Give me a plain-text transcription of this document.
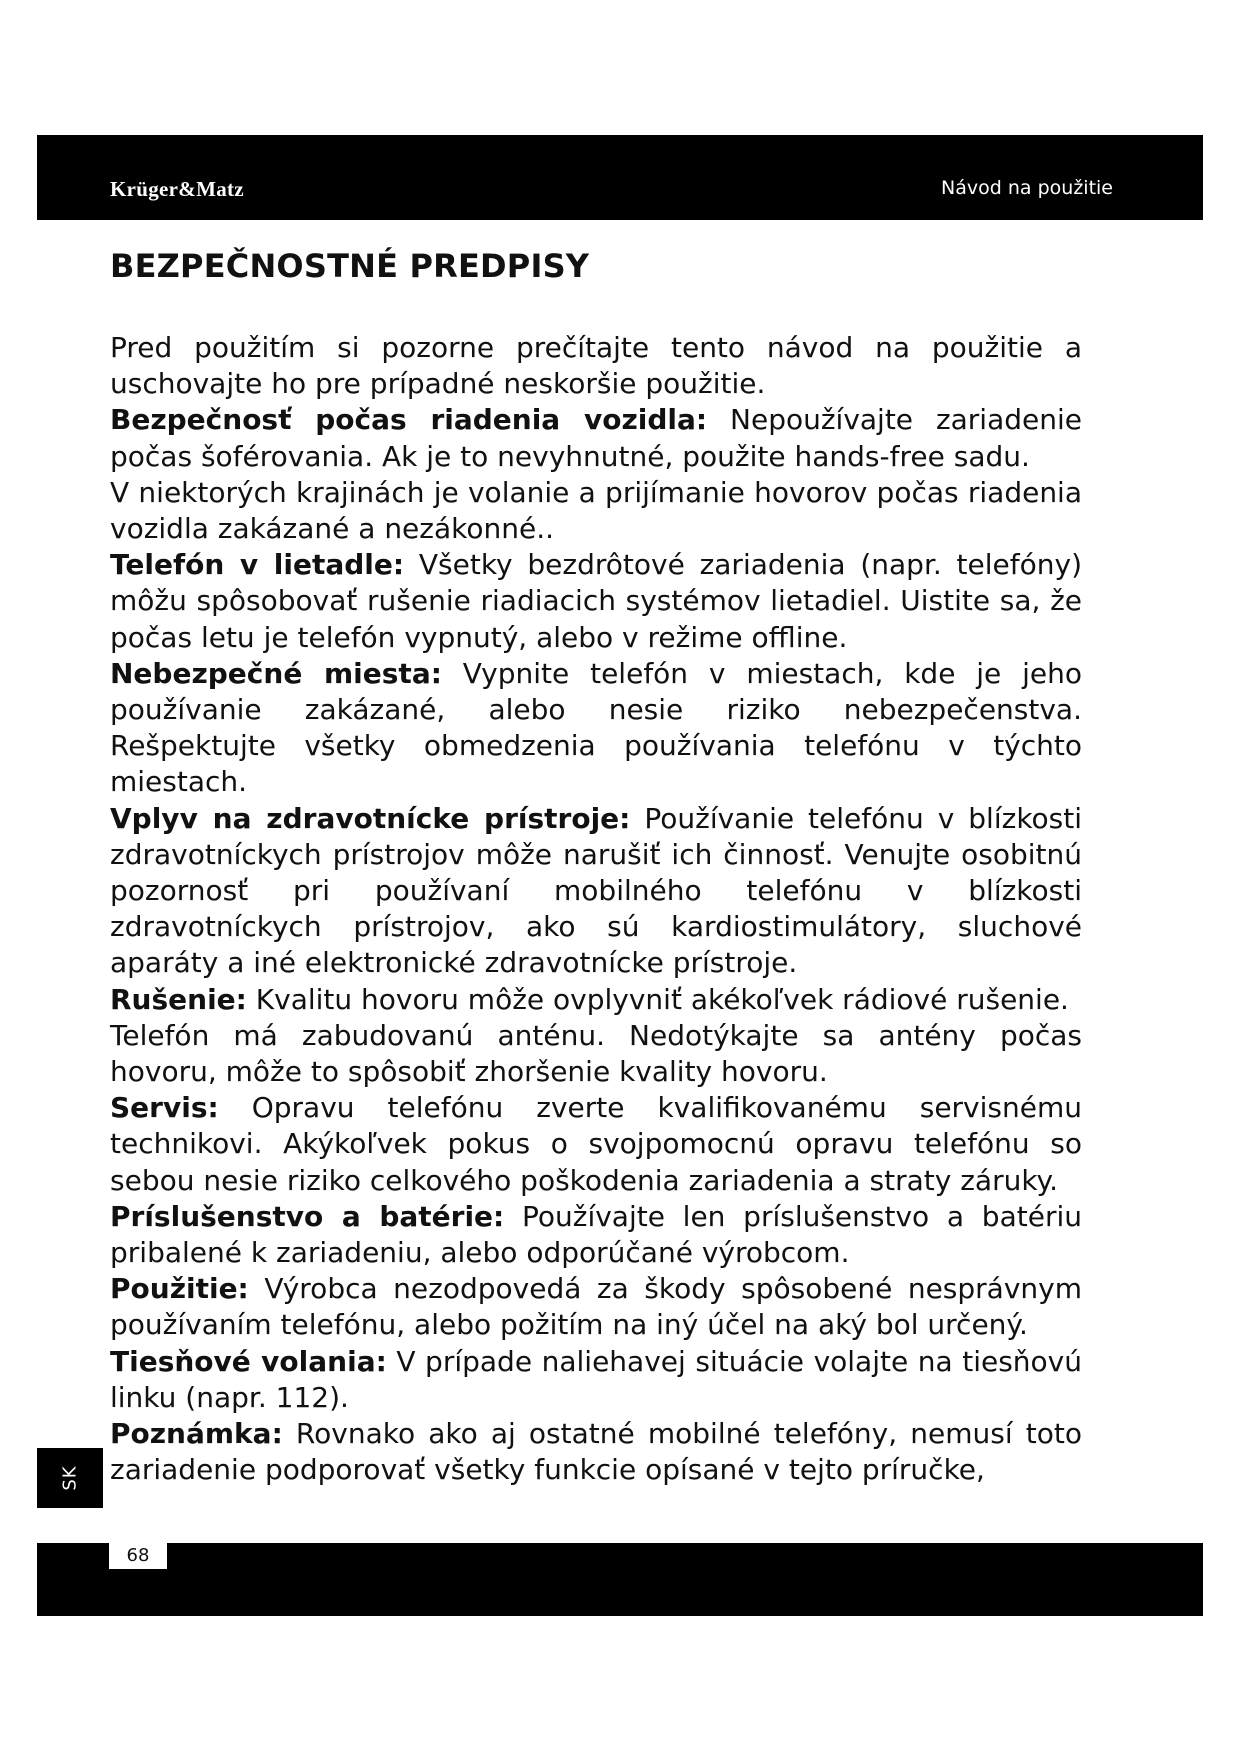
Krüger&Matz	Návod na použitie
BEZPEČNOSTNÉ PREDPISY

Pred použitím si pozorne prečítajte tento návod na použitie a uschovajte ho pre prípadné neskoršie použitie.

Bezpečnosť počas riadenia vozidla: Nepoužívajte zariadenie počas šoférovania. Ak je to nevyhnutné, použite hands-free sadu.

V niektorých krajinách je volanie a prijímanie hovorov počas riadenia vozidla zakázané a nezákonné..

Telefón v lietadle: Všetky bezdrôtové zariadenia (napr. telefóny) môžu spôsobovať rušenie riadiacich systémov lietadiel. Uistite sa, že počas letu je telefón vypnutý, alebo v režime offline.

Nebezpečné miesta: Vypnite telefón v miestach, kde je jeho používanie zakázané, alebo nesie riziko nebezpečenstva. Rešpektujte všetky obmedzenia používania telefónu v týchto miestach.

Vplyv na zdravotnícke prístroje: Používanie telefónu v blízkosti zdravotníckych prístrojov môže narušiť ich činnosť. Venujte osobitnú pozornosť pri používaní mobilného telefónu v blízkosti zdravotníckych prístrojov, ako sú kardiostimulátory, sluchové aparáty a iné elektronické zdravotnícke prístroje.

Rušenie: Kvalitu hovoru môže ovplyvniť akékoľvek rádiové rušenie.

Telefón má zabudovanú anténu. Nedotýkajte sa antény počas hovoru, môže to spôsobiť zhoršenie kvality hovoru.

Servis: Opravu telefónu zverte kvalifikovanému servisnému technikovi. Akýkoľvek pokus o svojpomocnú opravu telefónu so sebou nesie riziko celkového poškodenia zariadenia a straty záruky.

Príslušenstvo a batérie: Používajte len príslušenstvo a batériu pribalené k zariadeniu, alebo odporúčané výrobcom.

Použitie: Výrobca nezodpovedá za škody spôsobené nesprávnym používaním telefónu, alebo požitím na iný účel na aký bol určený.

Tiesňové volania: V prípade naliehavej situácie volajte na tiesňovú linku (napr. 112).

Poznámka: Rovnako ako aj ostatné mobilné telefóny, nemusí toto zariadenie podporovať všetky funkcie opísané v tejto príručke,

SK
68
